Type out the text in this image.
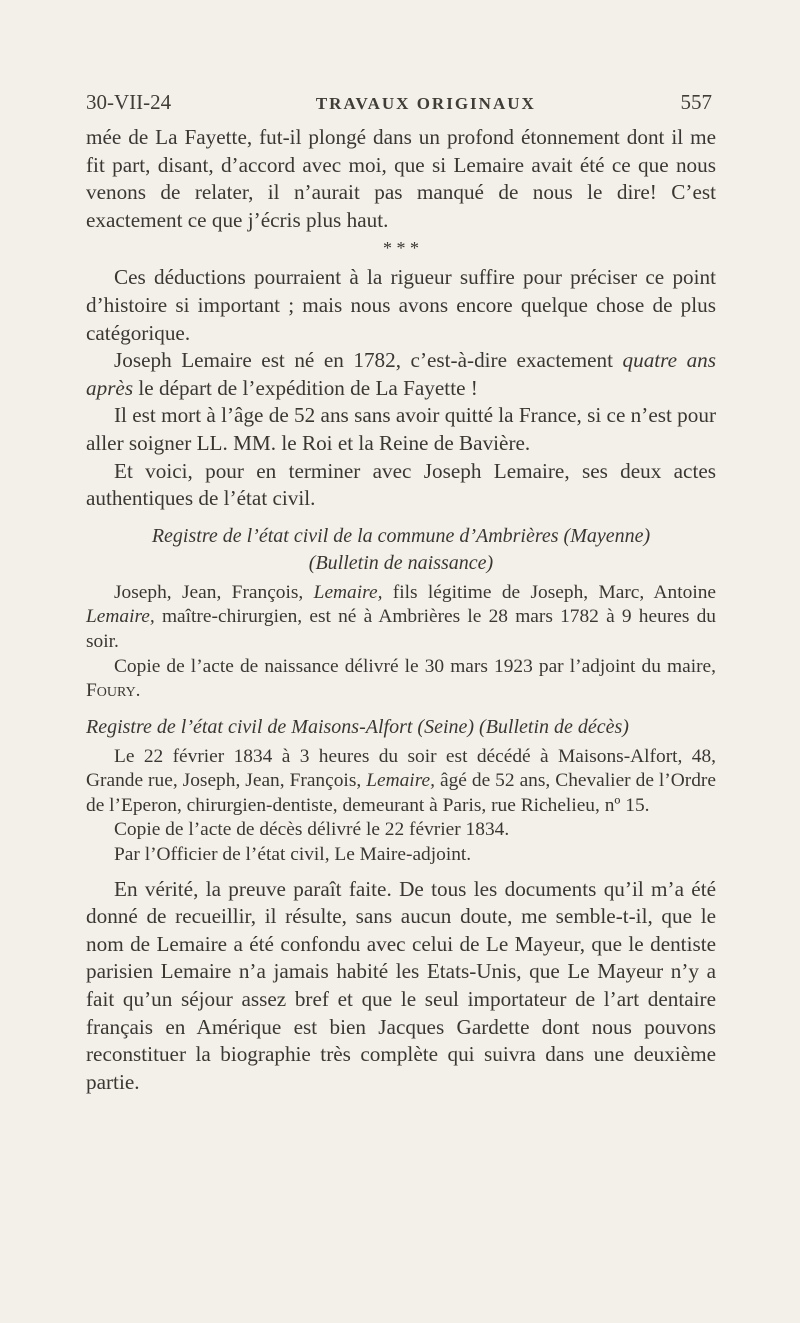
30-VII-24	TRAVAUX ORIGINAUX	557

mée de La Fayette, fut-il plongé dans un profond étonnement dont il me fit part, disant, d’accord avec moi, que si Lemaire avait été ce que nous venons de relater, il n’aurait pas manqué de nous le dire! C’est exactement ce que j’écris plus haut.

* * *

Ces déductions pourraient à la rigueur suffire pour préciser ce point d’histoire si important ; mais nous avons encore quelque chose de plus catégorique.

Joseph Lemaire est né en 1782, c’est-à-dire exactement quatre ans après le départ de l’expédition de La Fayette !

Il est mort à l’âge de 52 ans sans avoir quitté la France, si ce n’est pour aller soigner LL. MM. le Roi et la Reine de Bavière.

Et voici, pour en terminer avec Joseph Lemaire, ses deux actes authentiques de l’état civil.

Registre de l’état civil de la commune d’Ambrières (Mayenne)
(Bulletin de naissance)

Joseph, Jean, François, Lemaire, fils légitime de Joseph, Marc, Antoine Lemaire, maître-chirurgien, est né à Ambrières le 28 mars 1782 à 9 heures du soir.

Copie de l’acte de naissance délivré le 30 mars 1923 par l’adjoint du maire, Foury.

Registre de l’état civil de Maisons-Alfort (Seine) (Bulletin de décès)

Le 22 février 1834 à 3 heures du soir est décédé à Maisons-Alfort, 48, Grande rue, Joseph, Jean, François, Lemaire, âgé de 52 ans, Chevalier de l’Ordre de l’Eperon, chirurgien-dentiste, demeurant à Paris, rue Richelieu, nº 15.

Copie de l’acte de décès délivré le 22 février 1834.

Par l’Officier de l’état civil, Le Maire-adjoint.

En vérité, la preuve paraît faite. De tous les documents qu’il m’a été donné de recueillir, il résulte, sans aucun doute, me semble-t-il, que le nom de Lemaire a été confondu avec celui de Le Mayeur, que le dentiste parisien Lemaire n’a jamais habité les Etats-Unis, que Le Mayeur n’y a fait qu’un séjour assez bref et que le seul importateur de l’art dentaire français en Amérique est bien Jacques Gardette dont nous pouvons reconstituer la biographie très complète qui suivra dans une deuxième partie.
